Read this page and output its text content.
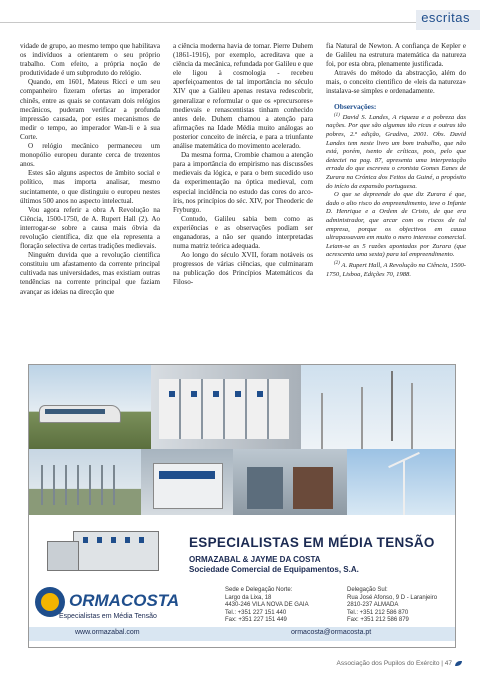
escritas

vidade de grupo, ao mesmo tempo que habilitava os indivíduos a orientarem o seu próprio trabalho. Com efeito, a própria noção de produtividade é um subproduto do relógio.

Quando, em 1601, Mateus Ricci e um seu companheiro fizeram ofertas ao imperador chinês, entre as quais se contavam dois relógios mecânicos, puderam verificar a profunda impressão causada, por estes mecanismos de medir o tempo, ao imperador Wan-li e à sua Corte.

O relógio mecânico permaneceu um monopólio europeu durante cerca de trezentos anos.

Estes são alguns aspectos de âmbito social e político, mas importa analisar, mesmo sucintamente, o que distinguiu o europeu nestes últimos 500 anos no aspecto intelectual.

Vou agora referir a obra A Revolução na Ciência, 1500-1750, de A. Rupert Hall (2). Ao interrogar-se sobre a causa mais óbvia da revolução científica, diz que ela representa a floração selectiva de certas tradições medievais.

Ninguém duvida que a revolução científica constituiu um afastamento da corrente principal cultivada nas universidades, mas existiam outras tendências na corrente principal que faziam avançar as ideias na direcção que

a ciência moderna havia de tomar. Pierre Duhem (1861-1916), por exemplo, acreditava que a ciência da mecânica, refundada por Galileu e que ele ligou à cosmologia - recebeu aperfeiçoamentos de tal importância no século XIV que a Galileu apenas restava redescobrir, generalizar e reformular o que os «precursores» medievais e renascentistas tinham conhecido antes dele. Duhem chamou a atenção para afirmações na Idade Média muito análogas ao posterior conceito de inércia, e para a triunfante análise matemática do movimento acelerado.

Da mesma forma, Crombie chamou a atenção para a importância do empirismo nas discussões medievais da lógica, e para o bem sucedido uso da experimentação na óptica medieval, com especial incidência no estudo das cores do arco-íris, nos princípios do séc. XIV, por Theoderic de Fryburgo.

Contudo, Galileu sabia bem como as experiências e as observações podiam ser enganadoras, a não ser quando interpretadas numa matriz teórica adequada.

Ao longo do século XVII, foram notáveis os progressos de várias ciências, que culminaram na publicação dos Princípios Matemáticos da Filoso-

fia Natural de Newton. A confiança de Kepler e de Galileu na estrutura matemática da natureza foi, por esta obra, plenamente justificada.

Através do método da abstracção, além do mais, o conceito científico de «leis da natureza» instalava-se simples e ordenadamente.

Observações:

$^{(1)}$ David S. Landes, A riqueza e a pobreza das nações. Por que são algumas tão ricas e outras tão pobres, 2.ª edição, Gradiva, 2001. Obs. David Landes tem neste livro um bom trabalho, que não está, porém, isento de críticas, pois, pelo que detectei na pag. 87, apresenta uma interpretação errada do que escreveu o cronista Gomes Eanes de Zurara na Crónica dos Feitos da Guiné, a propósito do início da expansão portuguesa.

O que se depreende do que diz Zurara é que, dado o alto risco do empreendimento, teve o Infante D. Henrique e a Ordem de Cristo, de que era administrador, que arcar com os riscos de tal empresa, porque os objectivos em causa ultrapassavam em muito o mero interesse comercial. Leiam-se as 5 razões apontadas por Zurara (que acrescenta uma sexta) para tal empreendimento.

$^{(2)}$ A. Rupert Hall, A Revolução na Ciência, 1500-1750, Lisboa, Edições 70, 1988.

ESPECIALISTAS EM MÉDIA TENSÃO
ORMAZABAL & JAYME DA COSTA
Sociedade Comercial de Equipamentos, S.A.
ORMACOSTA
Especialistas em Média Tensão
Sede e Delegação Norte:
Largo da Lixa, 18
4430-246 VILA NOVA DE GAIA
Tel.: +351 227 151 440
Fax: +351 227 151 449
Delegação Sul:
Rua José Afonso, 9 D - Laranjeiro
2810-237 ALMADA
Tel.: +351 212 586 870
Fax: +351 212 586 879
www.ormazabal.com	ormacosta@ormacosta.pt
Associação dos Pupilos do Exército | 47
